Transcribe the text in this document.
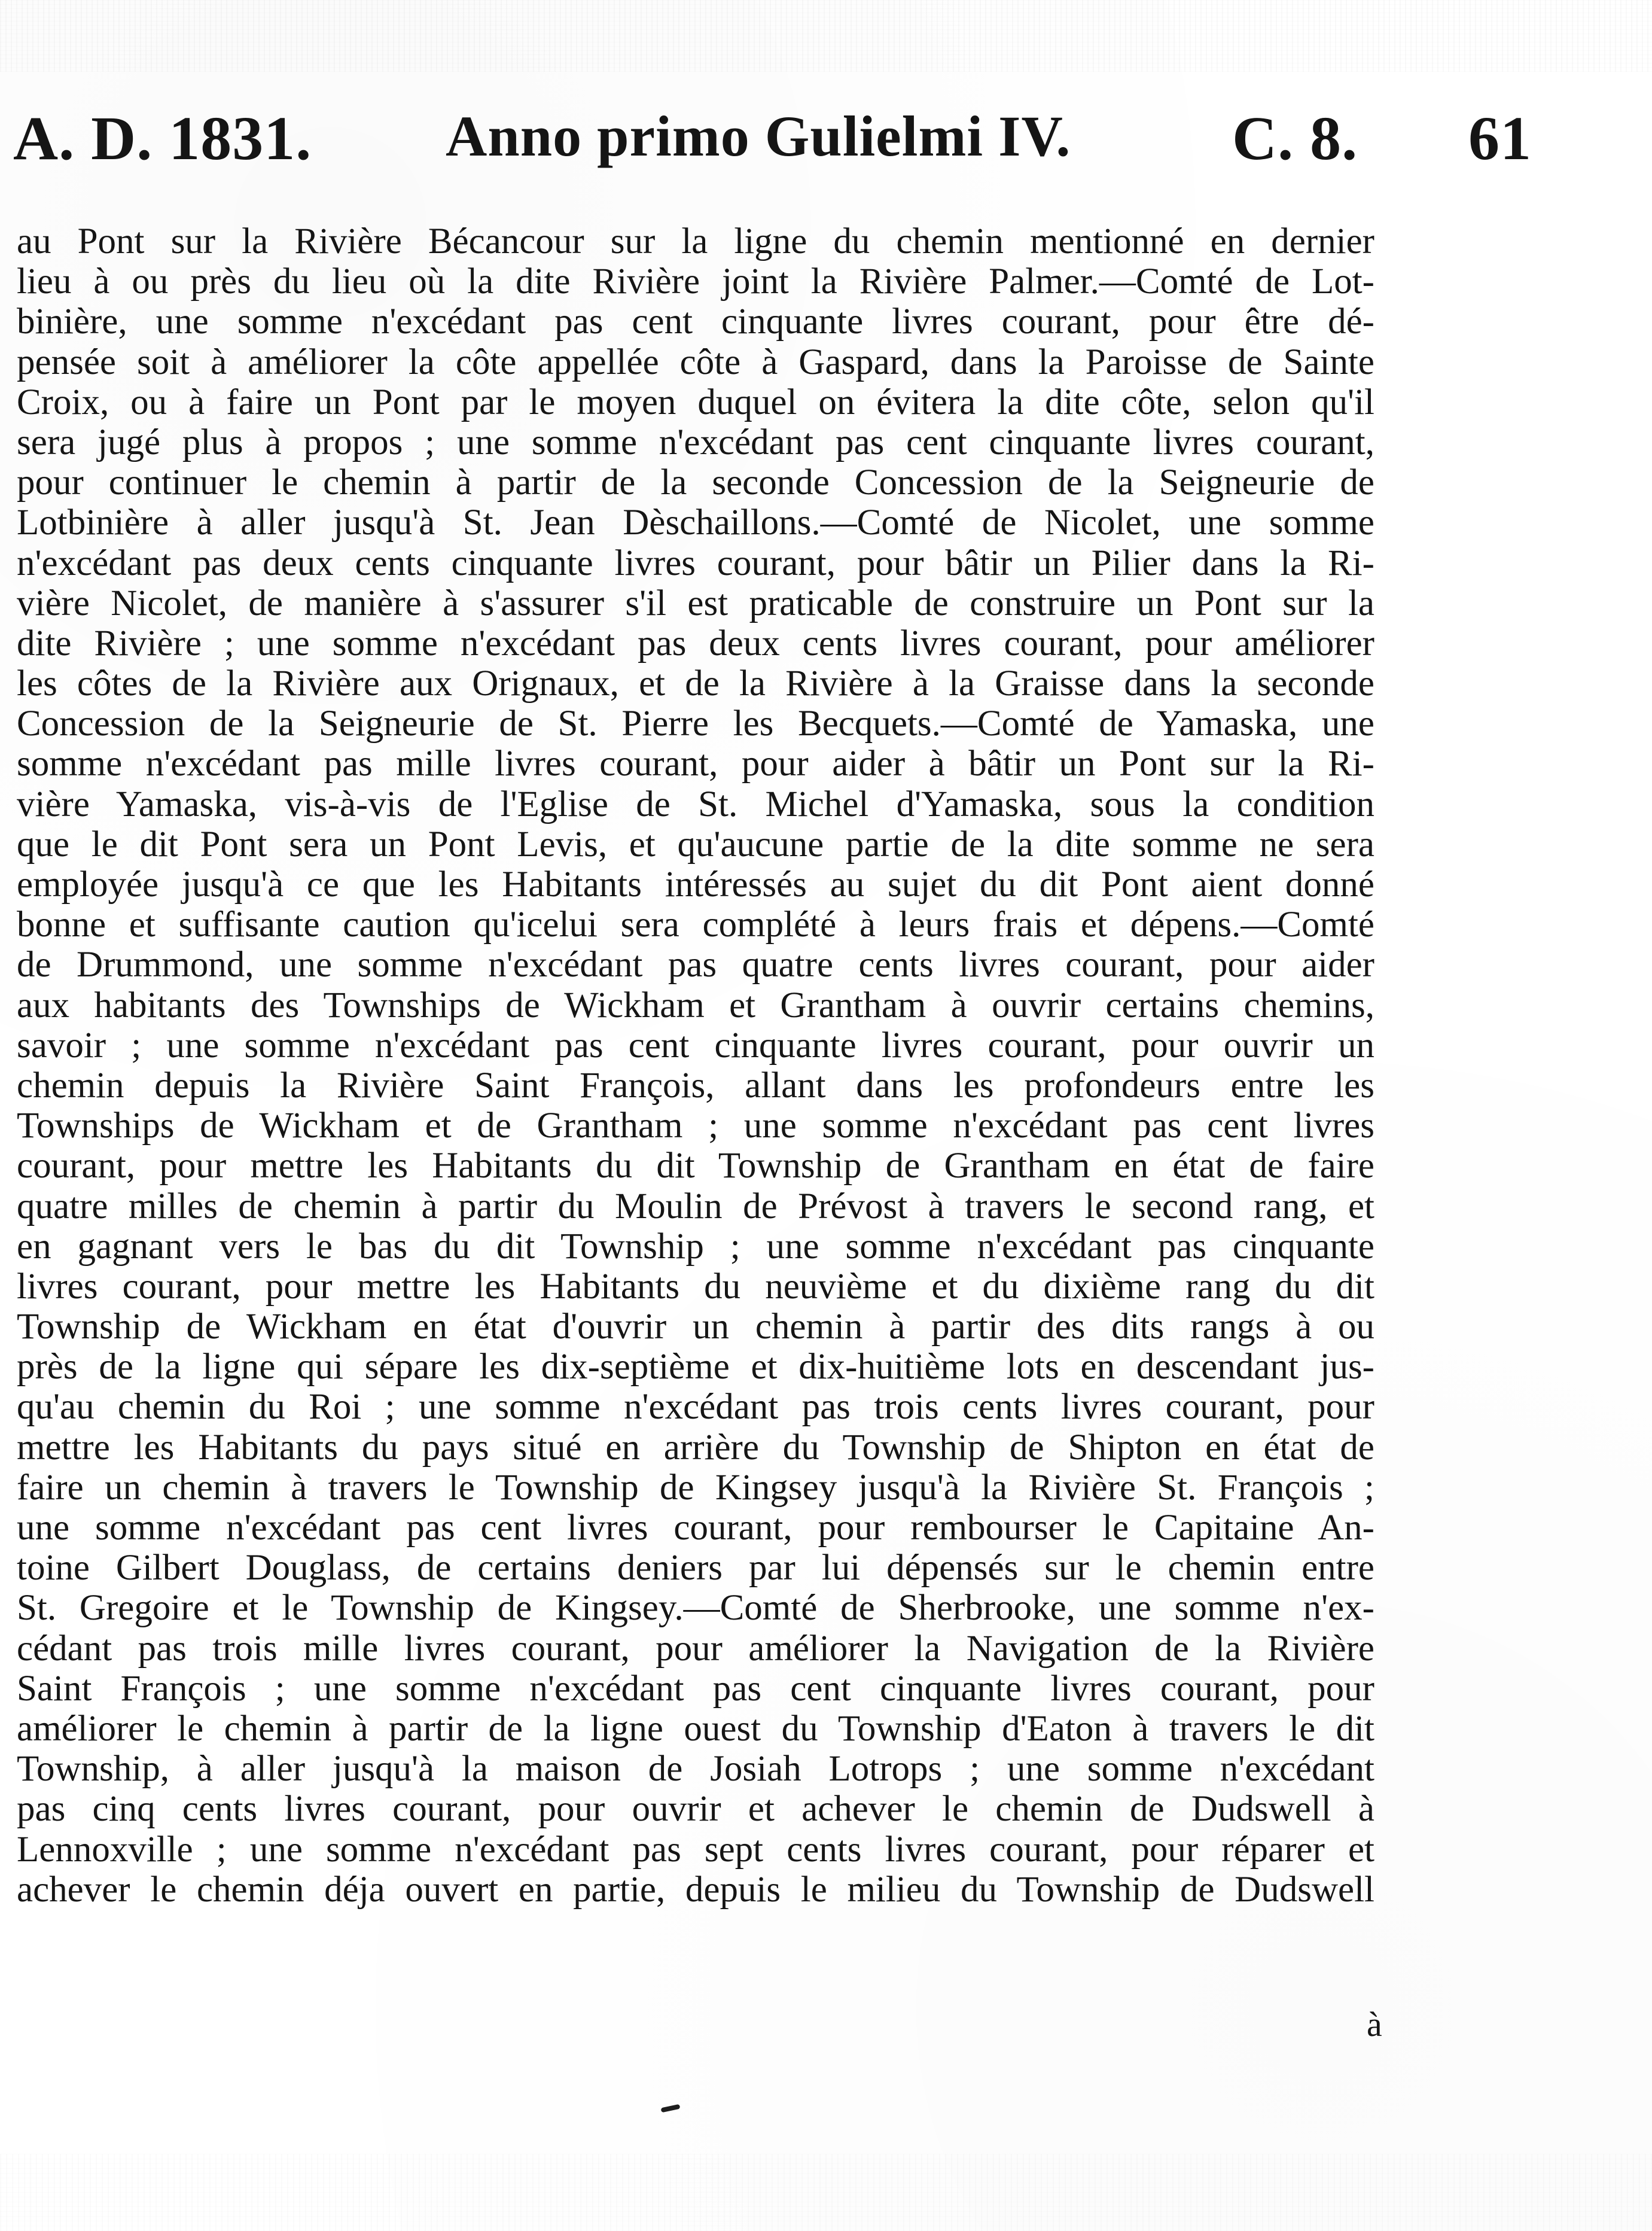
A. D. 1831. Anno primo Gulielmi IV.	C. 8. 61
au Pont sur la Rivière Bécancour sur la ligne du chemin mentionné en dernier
lieu à ou près du lieu où la dite Rivière joint la Rivière Palmer.—Comté de Lot-
binière, une somme n'excédant pas cent cinquante livres courant, pour être dé-
pensée soit à améliorer la côte appellée côte à Gaspard, dans la Paroisse de Sainte
Croix, ou à faire un Pont par le moyen duquel on évitera la dite côte, selon qu'il
sera jugé plus à propos ; une somme n'excédant pas cent cinquante livres courant,
pour continuer le chemin à partir de la seconde Concession de la Seigneurie de
Lotbinière à aller jusqu'à St. Jean Dèschaillons.—Comté de Nicolet, une somme
n'excédant pas deux cents cinquante livres courant, pour bâtir un Pilier dans la Ri-
vière Nicolet, de manière à s'assurer s'il est praticable de construire un Pont sur la
dite Rivière ; une somme n'excédant pas deux cents livres courant, pour améliorer
les côtes de la Rivière aux Orignaux, et de la Rivière à la Graisse dans la seconde
Concession de la Seigneurie de St. Pierre les Becquets.—Comté de Yamaska, une
somme n'excédant pas mille livres courant, pour aider à bâtir un Pont sur la Ri-
vière Yamaska, vis-à-vis de l'Eglise de St. Michel d'Yamaska, sous la condition
que le dit Pont sera un Pont Levis, et qu'aucune partie de la dite somme ne sera
employée jusqu'à ce que les Habitants intéressés au sujet du dit Pont aient donné
bonne et suffisante caution qu'icelui sera complété à leurs frais et dépens.—Comté
de Drummond, une somme n'excédant pas quatre cents livres courant, pour aider
aux habitants des Townships de Wickham et Grantham à ouvrir certains chemins,
savoir ; une somme n'excédant pas cent cinquante livres courant, pour ouvrir un
chemin depuis la Rivière Saint François, allant dans les profondeurs entre les
Townships de Wickham et de Grantham ; une somme n'excédant pas cent livres
courant, pour mettre les Habitants du dit Township de Grantham en état de faire
quatre milles de chemin à partir du Moulin de Prévost à travers le second rang, et
en gagnant vers le bas du dit Township ; une somme n'excédant pas cinquante
livres courant, pour mettre les Habitants du neuvième et du dixième rang du dit
Township de Wickham en état d'ouvrir un chemin à partir des dits rangs à ou
près de la ligne qui sépare les dix-septième et dix-huitième lots en descendant jus-
qu'au chemin du Roi ; une somme n'excédant pas trois cents livres courant, pour
mettre les Habitants du pays situé en arrière du Township de Shipton en état de
faire un chemin à travers le Township de Kingsey jusqu'à la Rivière St. François ;
une somme n'excédant pas cent livres courant, pour rembourser le Capitaine An-
toine Gilbert Douglass, de certains deniers par lui dépensés sur le chemin entre
St. Gregoire et le Township de Kingsey.—Comté de Sherbrooke, une somme n'ex-
cédant pas trois mille livres courant, pour améliorer la Navigation de la Rivière
Saint François ; une somme n'excédant pas cent cinquante livres courant, pour
améliorer le chemin à partir de la ligne ouest du Township d'Eaton à travers le dit
Township, à aller jusqu'à la maison de Josiah Lotrops ; une somme n'excédant
pas cinq cents livres courant, pour ouvrir et achever le chemin de Dudswell à
Lennoxville ; une somme n'excédant pas sept cents livres courant, pour réparer et
achever le chemin déja ouvert en partie, depuis le milieu du Township de Dudswell
à
